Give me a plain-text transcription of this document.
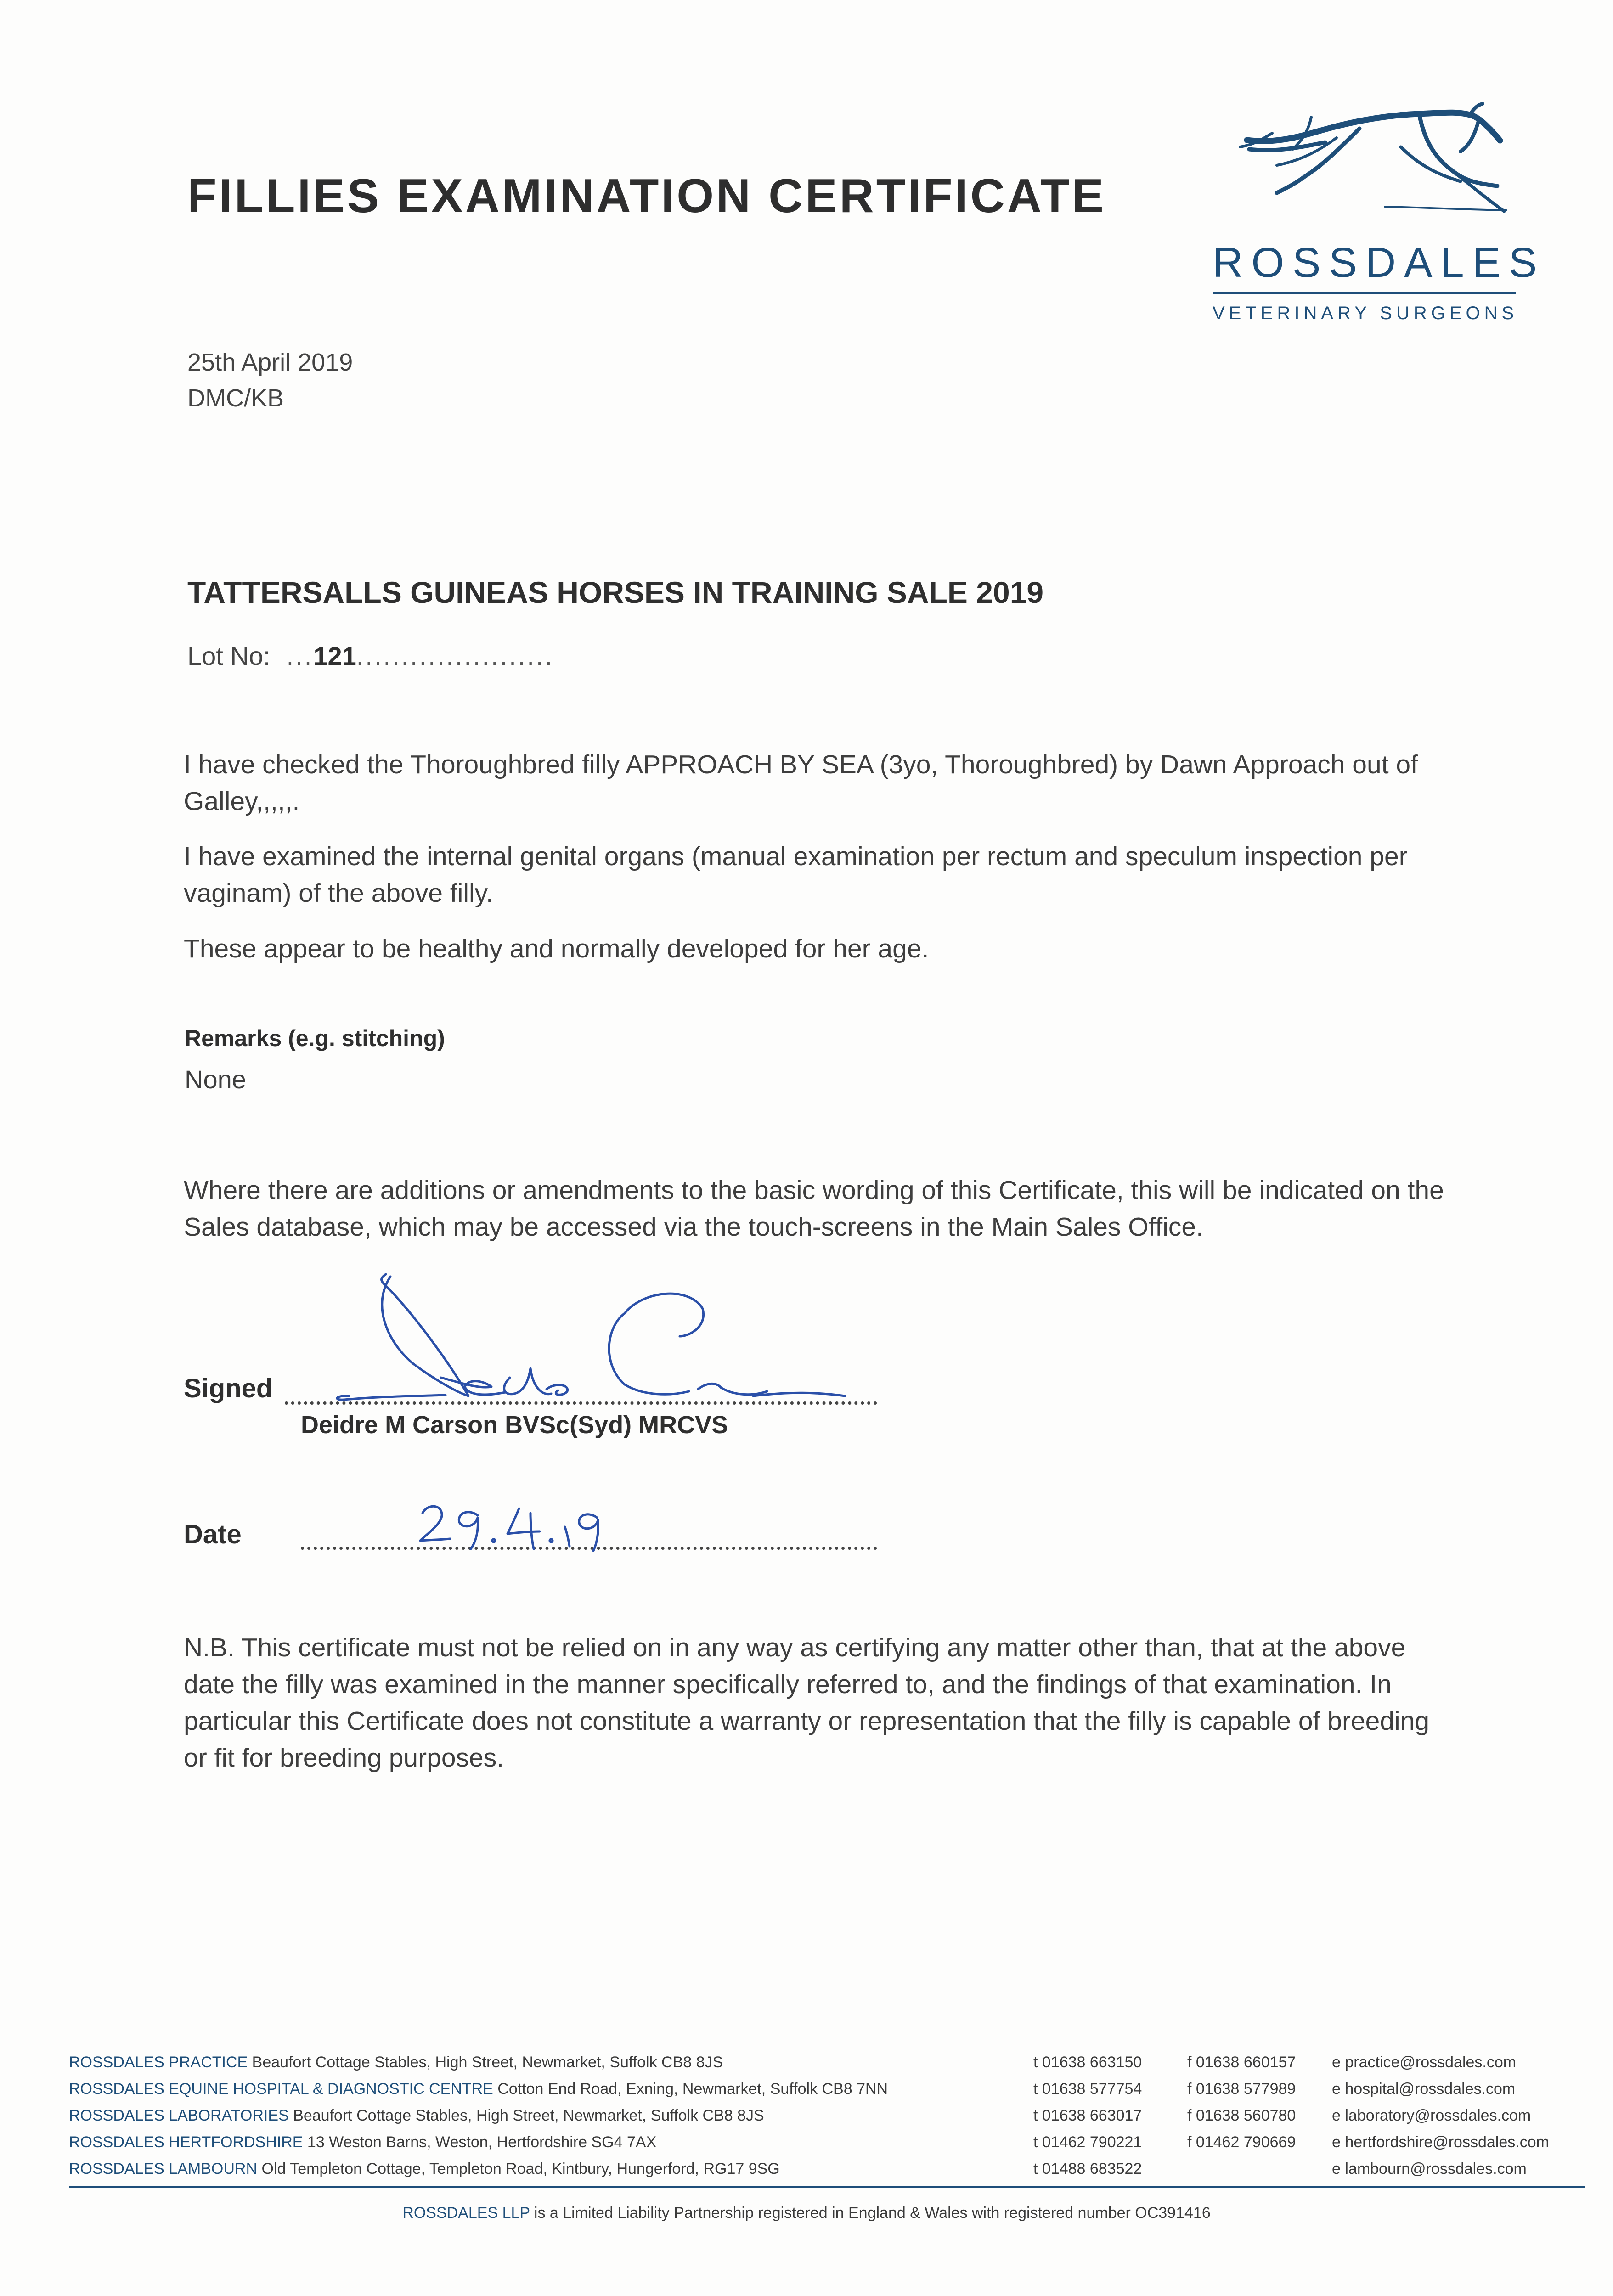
FILLIES EXAMINATION CERTIFICATE
ROSSDALES
VETERINARY SURGEONS
25th April 2019
DMC/KB
TATTERSALLS GUINEAS HORSES IN TRAINING SALE 2019
Lot No:  ...121......................
I have checked the Thoroughbred filly APPROACH BY SEA (3yo, Thoroughbred) by Dawn Approach out of Galley,,,,,.
I have examined the internal genital organs (manual examination per rectum and speculum inspection per vaginam) of the above filly.
These appear to be healthy and normally developed for her age.
Remarks (e.g. stitching)
None
Where there are additions or amendments to the basic wording of this Certificate, this will be indicated on the Sales database, which may be accessed via the touch-screens in the Main Sales Office.
Signed
Deidre M Carson BVSc(Syd) MRCVS
Date
N.B. This certificate must not be relied on in any way as certifying any matter other than, that at the above date the filly was examined in the manner specifically referred to, and the findings of that examination. In particular this Certificate does not constitute a warranty or representation that the filly is capable of breeding or fit for breeding purposes.
ROSSDALES PRACTICE Beaufort Cottage Stables, High Street, Newmarket, Suffolk CB8 8JS	t 01638 663150	f 01638 660157 e practice@rossdales.com
ROSSDALES EQUINE HOSPITAL & DIAGNOSTIC CENTRE Cotton End Road, Exning, Newmarket, Suffolk CB8 7NN	t 01638 577754	f 01638 577989 e hospital@rossdales.com
ROSSDALES LABORATORIES Beaufort Cottage Stables, High Street, Newmarket, Suffolk CB8 8JS	t 01638 663017	f 01638 560780 e laboratory@rossdales.com
ROSSDALES HERTFORDSHIRE 13 Weston Barns, Weston, Hertfordshire SG4 7AX	t 01462 790221	f 01462 790669 e hertfordshire@rossdales.com
ROSSDALES LAMBOURN Old Templeton Cottage, Templeton Road, Kintbury, Hungerford, RG17 9SG	t 01488 683522	e lambourn@rossdales.com
ROSSDALES LLP is a Limited Liability Partnership registered in England & Wales with registered number OC391416
